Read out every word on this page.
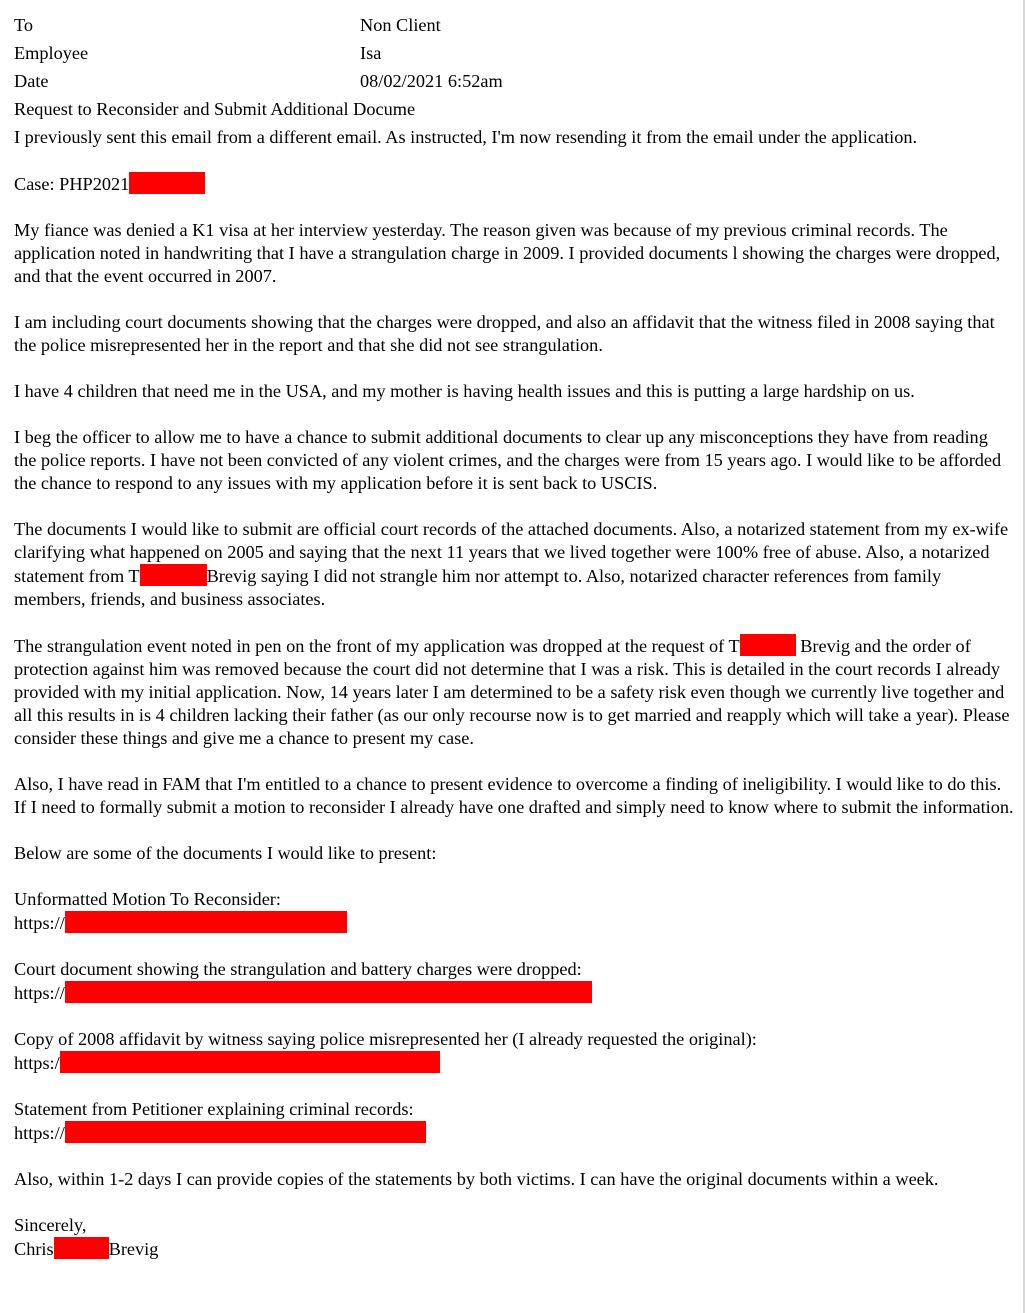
To	Non Client
Employee	Isa
Date	08/02/2021 6:52am
Request to Reconsider and Submit Additional Docume

I previously sent this email from a different email. As instructed, I'm now resending it from the email under the application.

Case: PHP2021

My fiance was denied a K1 visa at her interview yesterday. The reason given was because of my previous criminal records. The application noted in handwriting that I have a strangulation charge in 2009. I provided documents l showing the charges were dropped, and that the event occurred in 2007.

I am including court documents showing that the charges were dropped, and also an affidavit that the witness filed in 2008 saying that the police misrepresented her in the report and that she did not see strangulation.

I have 4 children that need me in the USA, and my mother is having health issues and this is putting a large hardship on us.

I beg the officer to allow me to have a chance to submit additional documents to clear up any misconceptions they have from reading the police reports. I have not been convicted of any violent crimes, and the charges were from 15 years ago. I would like to be afforded the chance to respond to any issues with my application before it is sent back to USCIS.

The documents I would like to submit are official court records of the attached documents. Also, a notarized statement from my ex-wife clarifying what happened on 2005 and saying that the next 11 years that we lived together were 100% free of abuse. Also, a notarized statement from T	Brevig saying I did not strangle him nor attempt to. Also, notarized character references from family members, friends, and business associates.

The strangulation event noted in pen on the front of my application was dropped at the request of T	Brevig and the order of protection against him was removed because the court did not determine that I was a risk. This is detailed in the court records I already provided with my initial application. Now, 14 years later I am determined to be a safety risk even though we currently live together and all this results in is 4 children lacking their father (as our only recourse now is to get married and reapply which will take a year). Please consider these things and give me a chance to present my case.

Also, I have read in FAM that I'm entitled to a chance to present evidence to overcome a finding of ineligibility. I would like to do this. If I need to formally submit a motion to reconsider I already have one drafted and simply need to know where to submit the information.

Below are some of the documents I would like to present:

Unformatted Motion To Reconsider:
https://

Court document showing the strangulation and battery charges were dropped:
https://

Copy of 2008 affidavit by witness saying police misrepresented her (I already requested the original):
https:/

Statement from Petitioner explaining criminal records:
https://

Also, within 1-2 days I can provide copies of the statements by both victims. I can have the original documents within a week.

Sincerely,
Chris	Brevig
